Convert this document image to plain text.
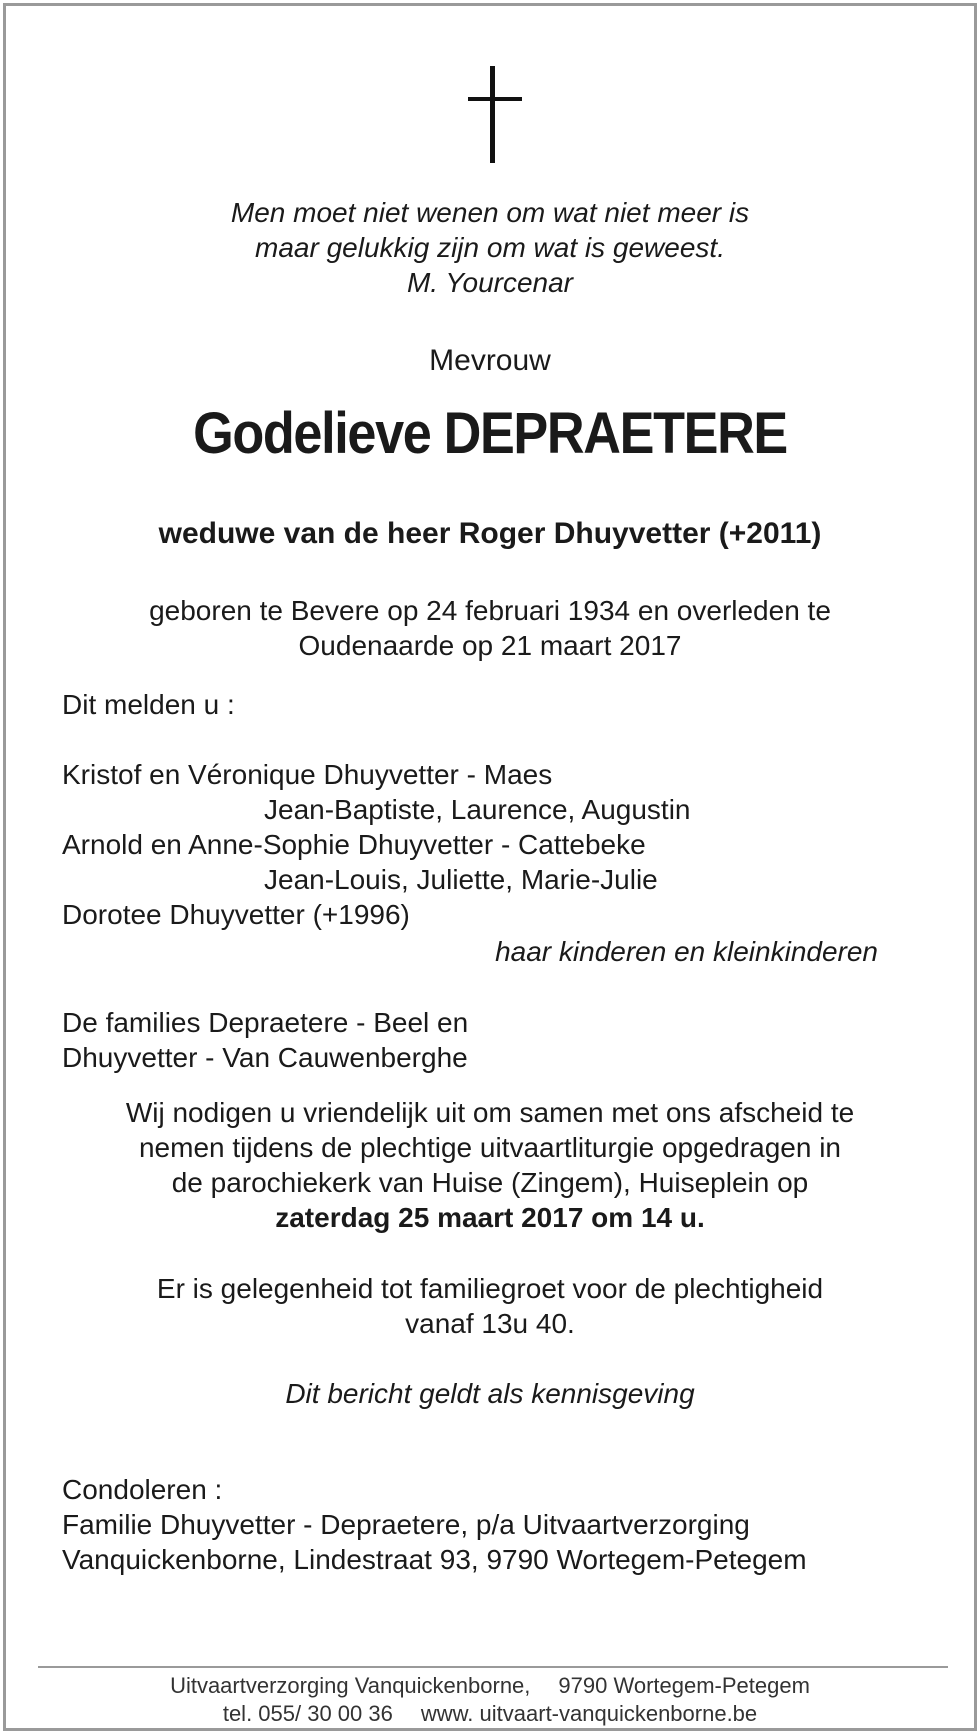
Men moet niet wenen om wat niet meer is
maar gelukkig zijn om wat is geweest.
M. Yourcenar
Mevrouw
Godelieve DEPRAETERE
weduwe van de heer Roger Dhuyvetter (+2011)
geboren te Bevere op 24 februari 1934 en overleden te
Oudenaarde op 21 maart 2017
Dit melden u :
Kristof en Véronique Dhuyvetter - Maes
Jean-Baptiste, Laurence, Augustin
Arnold en Anne-Sophie Dhuyvetter - Cattebeke
Jean-Louis, Juliette, Marie-Julie
Dorotee Dhuyvetter (+1996)
haar kinderen en kleinkinderen
De families Depraetere - Beel en
Dhuyvetter - Van Cauwenberghe
Wij nodigen u vriendelijk uit om samen met ons afscheid te
nemen tijdens de plechtige uitvaartliturgie opgedragen in
de parochiekerk van Huise (Zingem), Huiseplein op
zaterdag 25 maart 2017 om 14 u.
Er is gelegenheid tot familiegroet voor de plechtigheid
vanaf 13u 40.
Dit bericht geldt als kennisgeving
Condoleren :
Familie Dhuyvetter - Depraetere, p/a Uitvaartverzorging
Vanquickenborne, Lindestraat 93, 9790 Wortegem-Petegem
Uitvaartverzorging Vanquickenborne, 9790 Wortegem-Petegem
tel. 055/ 30 00 36 www. uitvaart-vanquickenborne.be
